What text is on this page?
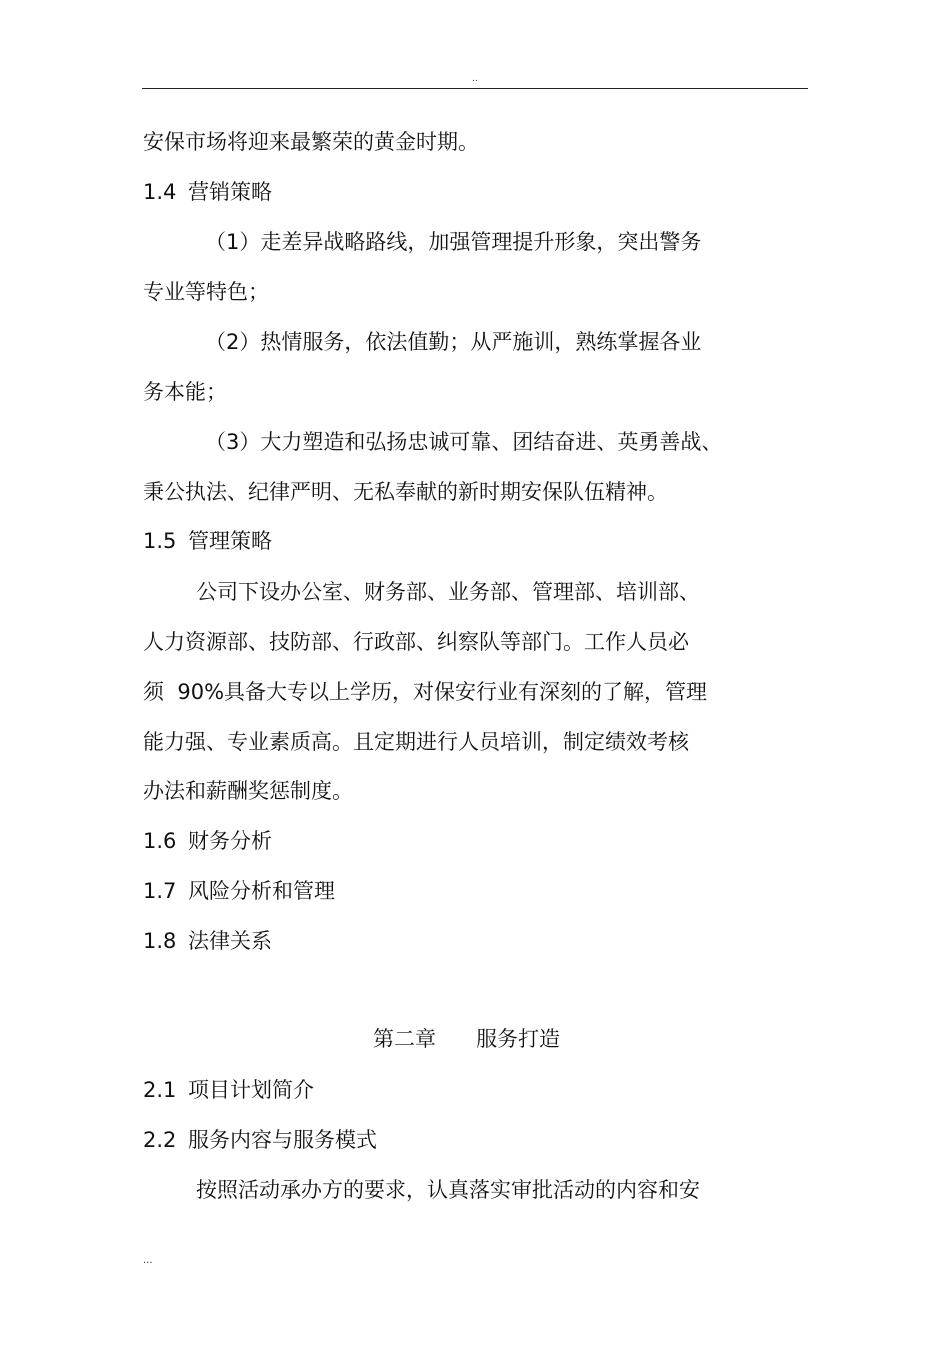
..
安保市场将迎来最繁荣的黄金时期。
1.4 营销策略
（1）走差异战略路线，加强管理提升形象，突出警务
专业等特色；
（2）热情服务，依法值勤；从严施训，熟练掌握各业
务本能；
（3）大力塑造和弘扬忠诚可靠、团结奋进、英勇善战、
秉公执法、纪律严明、无私奉献的新时期安保队伍精神。
1.5 管理策略
公司下设办公室、财务部、业务部、管理部、培训部、
人力资源部、技防部、行政部、纠察队等部门。工作人员必
须  90%具备大专以上学历，对保安行业有深刻的了解，管理
能力强、专业素质高。且定期进行人员培训，制定绩效考核
办法和薪酬奖惩制度。
1.6 财务分析
1.7 风险分析和管理
1.8 法律关系
第二章 服务打造
2.1 项目计划简介
2.2 服务内容与服务模式
按照活动承办方的要求，认真落实审批活动的内容和安
...
